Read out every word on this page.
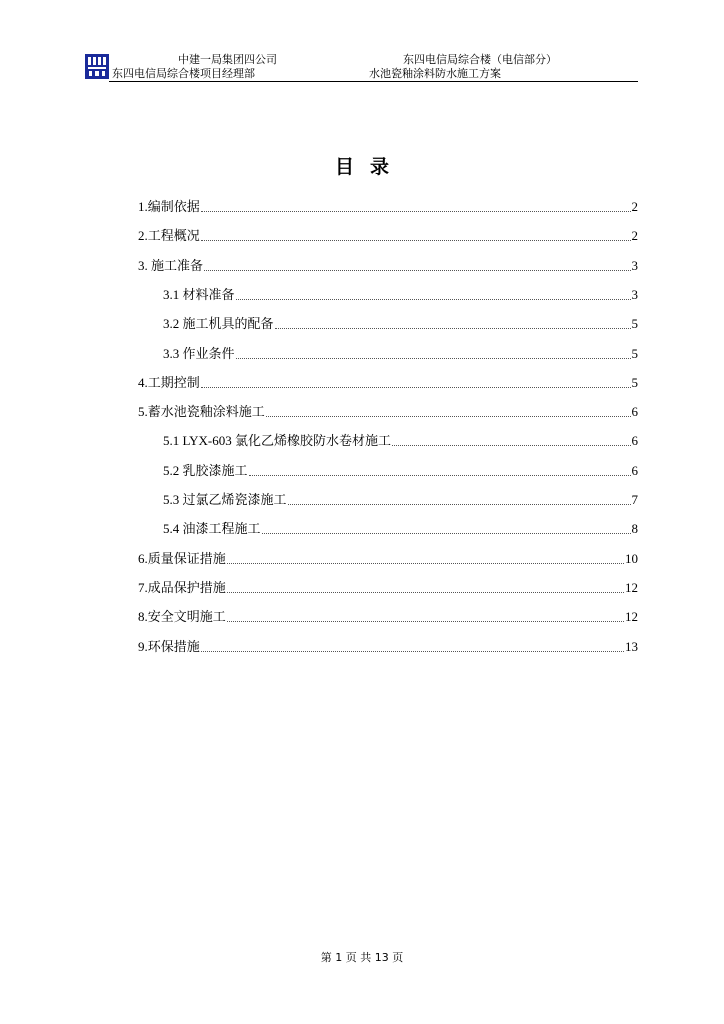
中建一局集团四公司
东四电信局综合楼项目经理部
东四电信局综合楼（电信部分）
水池瓷釉涂料防水施工方案
目录
1.编制依据	2
2.工程概况	2
3. 施工准备	3
3.1 材料准备	3
3.2 施工机具的配备	5
3.3 作业条件	5
4.工期控制	5
5.蓄水池瓷釉涂料施工	6
5.1 LYX-603 氯化乙烯橡胶防水卷材施工	6
5.2 乳胶漆施工	6
5.3 过氯乙烯瓷漆施工	7
5.4 油漆工程施工	8
6.质量保证措施	10
7.成品保护措施	12
8.安全文明施工	12
9.环保措施	13
第 1 页 共 13 页
